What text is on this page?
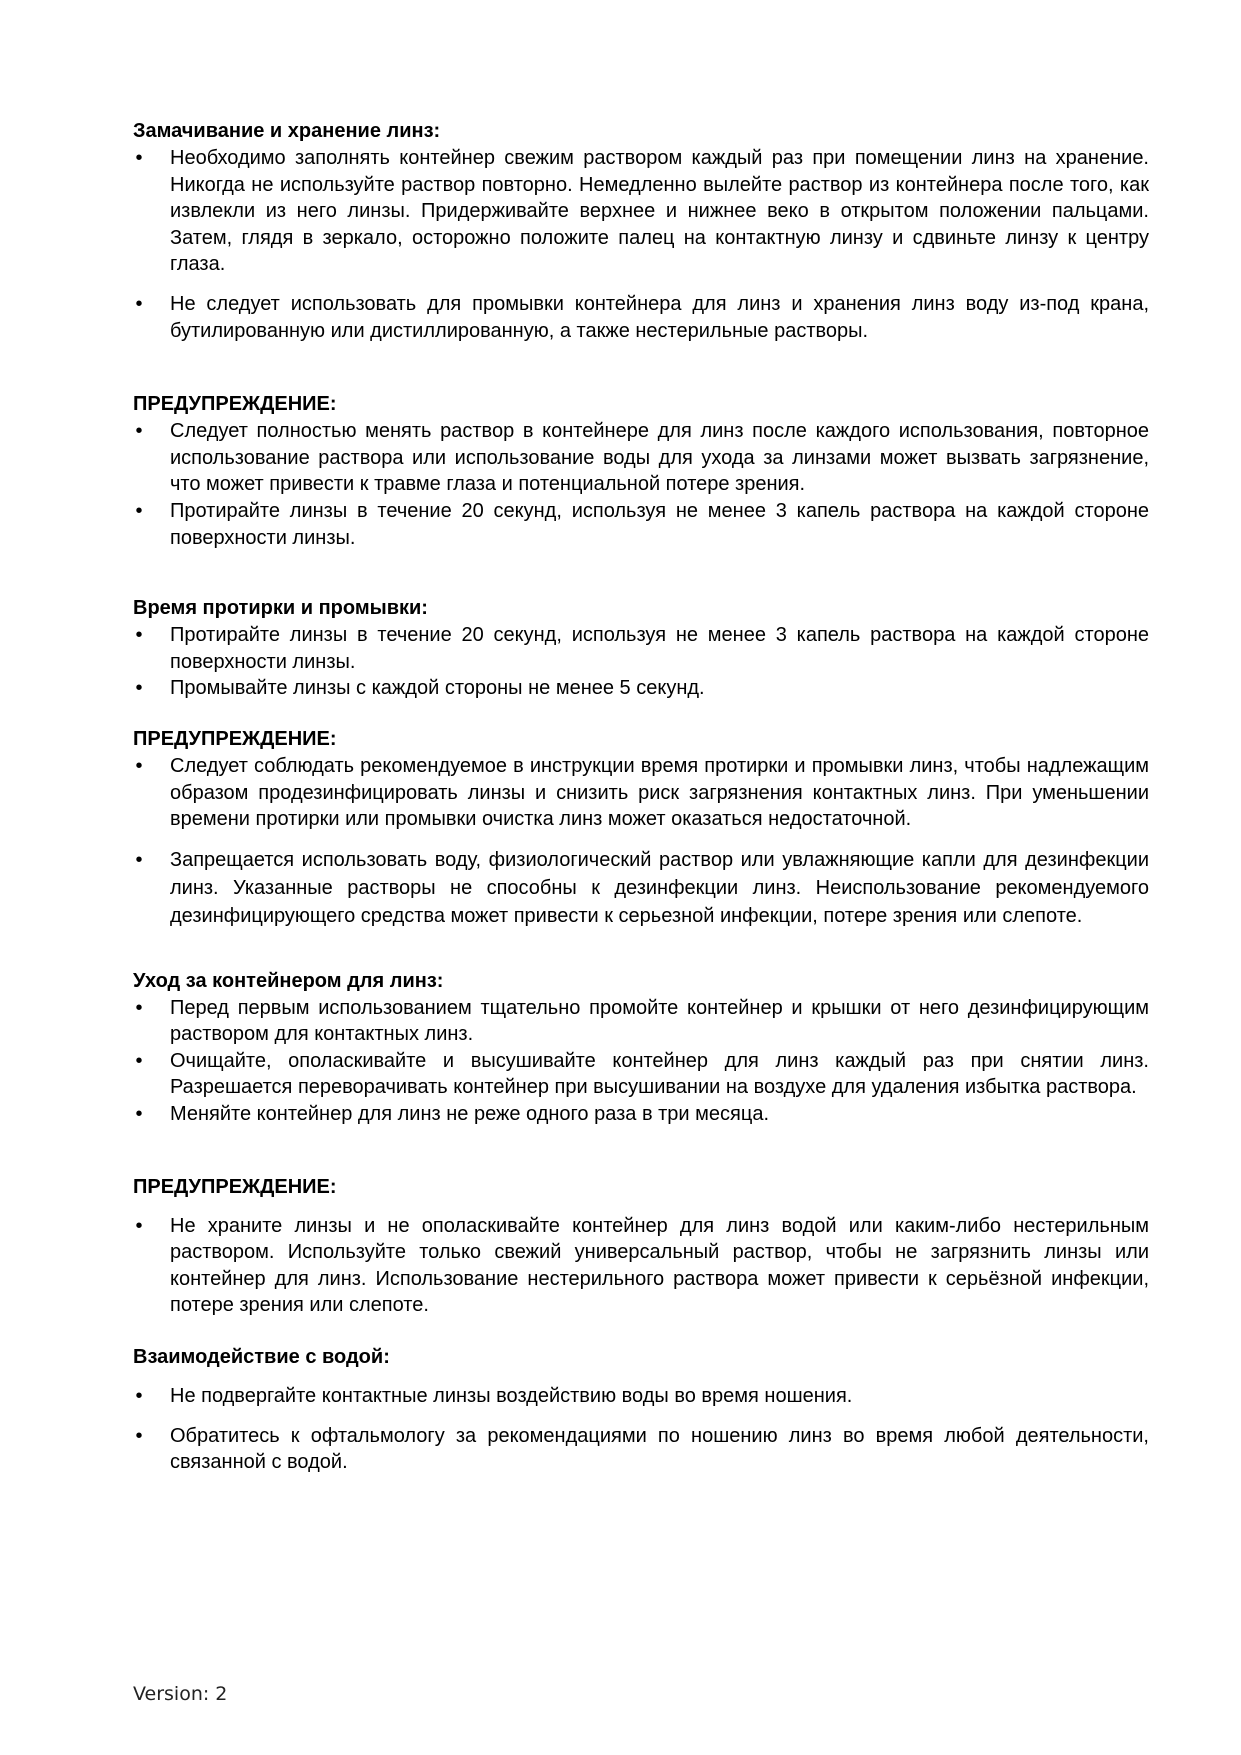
Замачивание и хранение линз:
• Необходимо заполнять контейнер свежим раствором каждый раз при помещении линз на хранение. Никогда не используйте раствор повторно. Немедленно вылейте раствор из контейнера после того, как извлекли из него линзы. Придерживайте верхнее и нижнее веко в открытом положении пальцами. Затем, глядя в зеркало, осторожно положите палец на контактную линзу и сдвиньте линзу к центру глаза.
• Не следует использовать для промывки контейнера для линз и хранения линз воду из-под крана, бутилированную или дистиллированную, а также нестерильные растворы.
ПРЕДУПРЕЖДЕНИЕ:
• Следует полностью менять раствор в контейнере для линз после каждого использования, повторное использование раствора или использование воды для ухода за линзами может вызвать загрязнение, что может привести к травме глаза и потенциальной потере зрения.
• Протирайте линзы в течение 20 секунд, используя не менее 3 капель раствора на каждой стороне поверхности линзы.
Время протирки и промывки:
• Протирайте линзы в течение 20 секунд, используя не менее 3 капель раствора на каждой стороне поверхности линзы.
• Промывайте линзы с каждой стороны не менее 5 секунд.
ПРЕДУПРЕЖДЕНИЕ:
• Следует соблюдать рекомендуемое в инструкции время протирки и промывки линз, чтобы надлежащим образом продезинфицировать линзы и снизить риск загрязнения контактных линз. При уменьшении времени протирки или промывки очистка линз может оказаться недостаточной.
• Запрещается использовать воду, физиологический раствор или увлажняющие капли для дезинфекции линз. Указанные растворы не способны к дезинфекции линз. Неиспользование рекомендуемого дезинфицирующего средства может привести к серьезной инфекции, потере зрения или слепоте.
Уход за контейнером для линз:
• Перед первым использованием тщательно промойте контейнер и крышки от него дезинфицирующим раствором для контактных линз.
• Очищайте, ополаскивайте и высушивайте контейнер для линз каждый раз при снятии линз. Разрешается переворачивать контейнер при высушивании на воздухе для удаления избытка раствора.
• Меняйте контейнер для линз не реже одного раза в три месяца.
ПРЕДУПРЕЖДЕНИЕ:
• Не храните линзы и не ополаскивайте контейнер для линз водой или каким-либо нестерильным раствором. Используйте только свежий универсальный раствор, чтобы не загрязнить линзы или контейнер для линз. Использование нестерильного раствора может привести к серьёзной инфекции, потере зрения или слепоте.
Взаимодействие с водой:
• Не подвергайте контактные линзы воздействию воды во время ношения.
• Обратитесь к офтальмологу за рекомендациями по ношению линз во время любой деятельности, связанной с водой.
Version: 2
